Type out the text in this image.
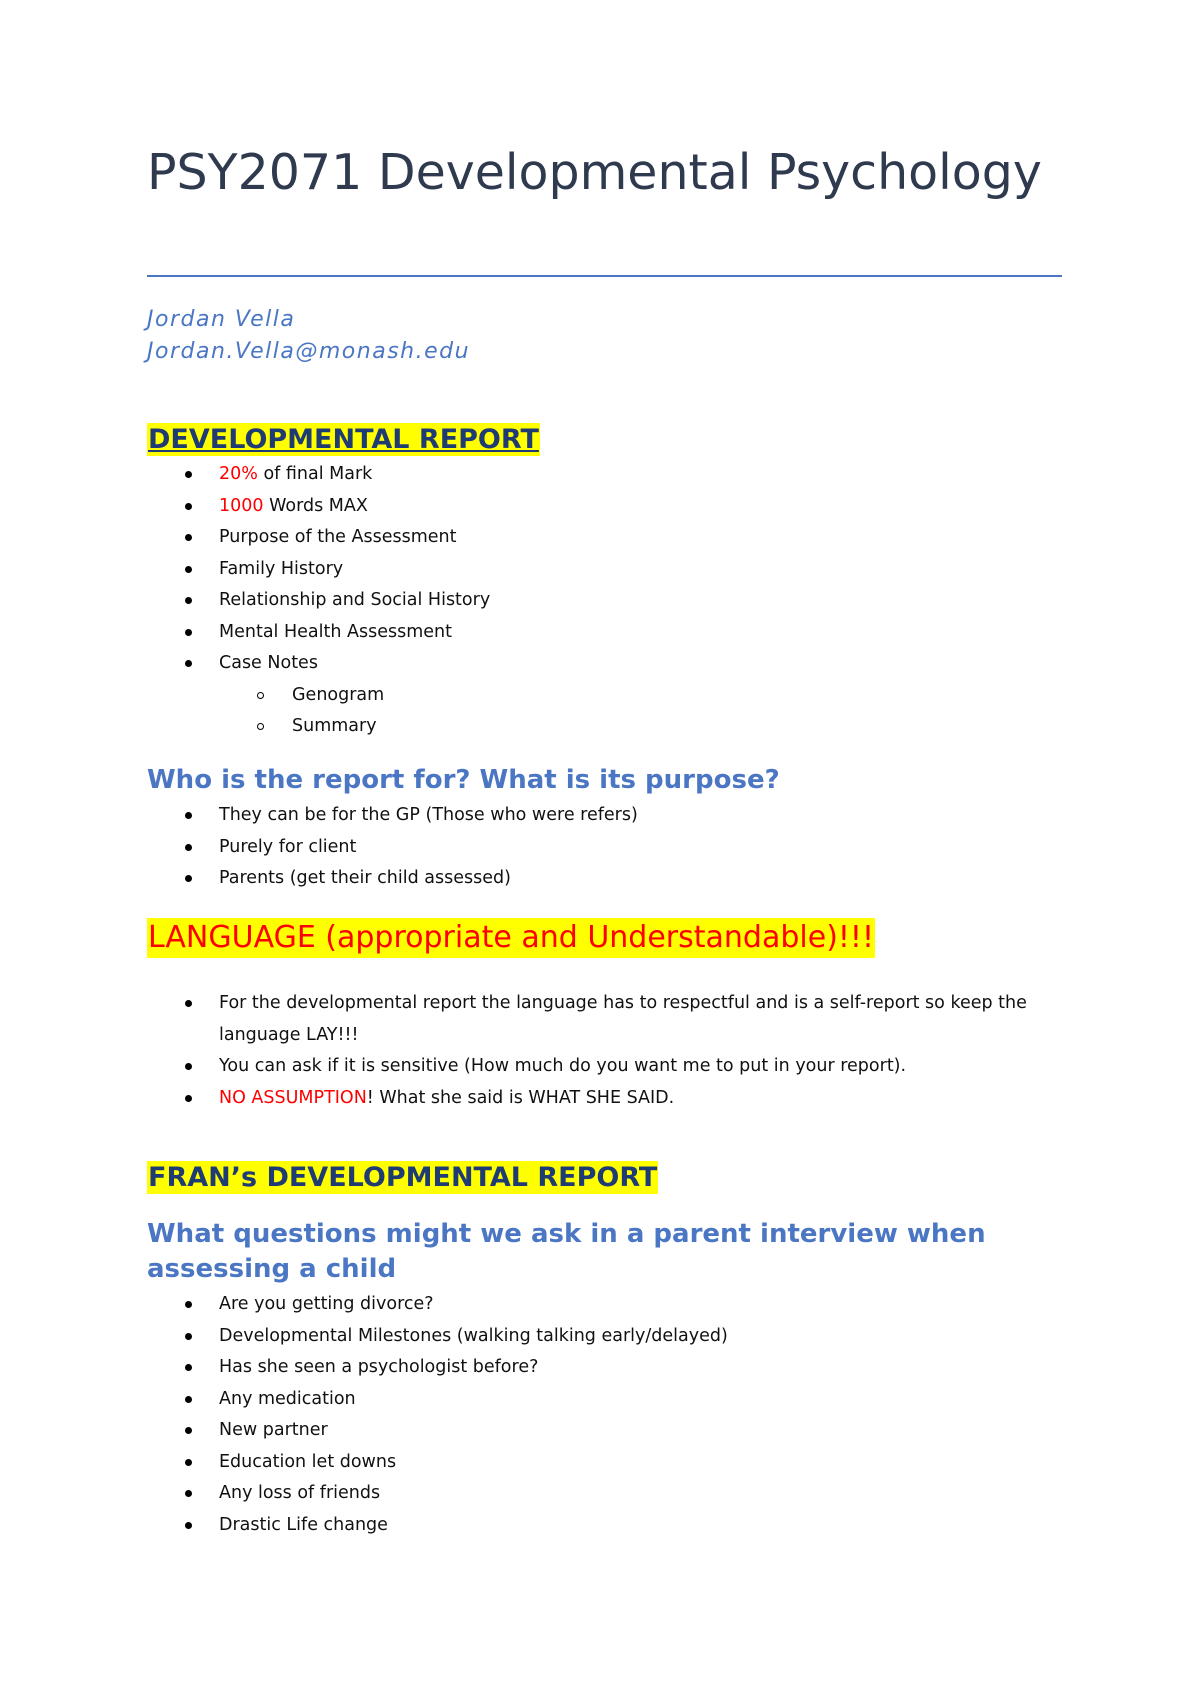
PSY2071 Developmental Psychology
Jordan Vella
Jordan.Vella@monash.edu
DEVELOPMENTAL REPORT
20% of final Mark
1000 Words MAX
Purpose of the Assessment
Family History
Relationship and Social History
Mental Health Assessment
Case Notes
Genogram
Summary
Who is the report for? What is its purpose?
They can be for the GP (Those who were refers)
Purely for client
Parents (get their child assessed)
LANGUAGE (appropriate and Understandable)!!!
For the developmental report the language has to respectful and is a self-report so keep the language LAY!!!
You can ask if it is sensitive (How much do you want me to put in your report).
NO ASSUMPTION! What she said is WHAT SHE SAID.
FRAN’s DEVELOPMENTAL REPORT
What questions might we ask in a parent interview when assessing a child
Are you getting divorce?
Developmental Milestones (walking talking early/delayed)
Has she seen a psychologist before?
Any medication
New partner
Education let downs
Any loss of friends
Drastic Life change
